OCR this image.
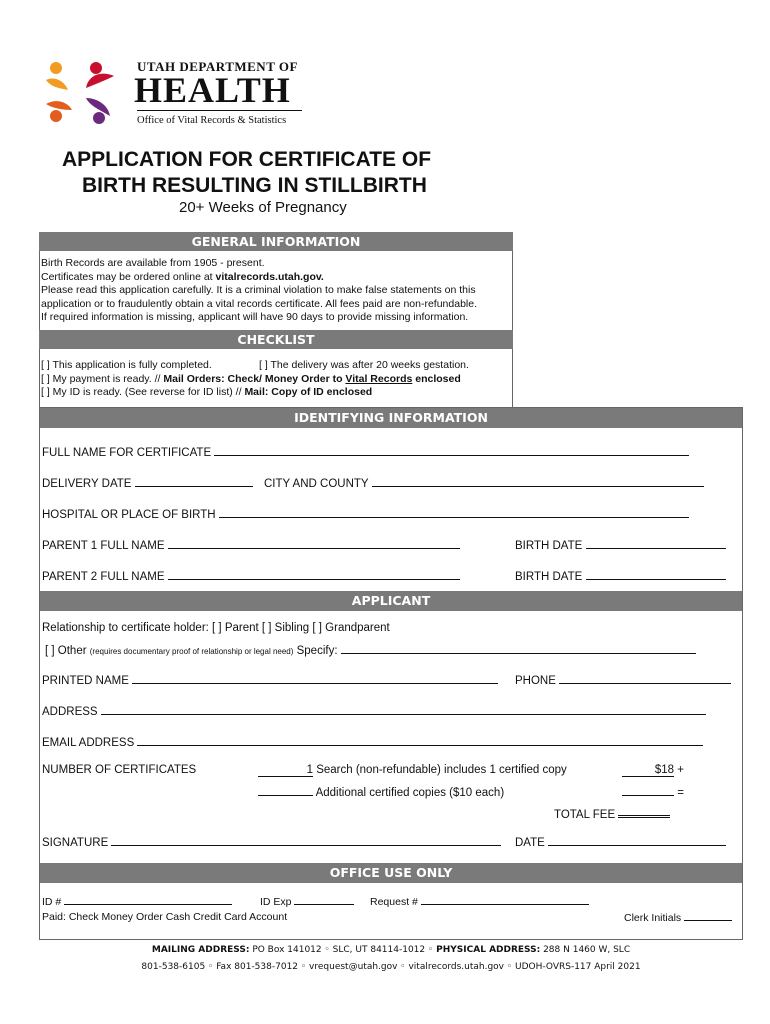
UTAH DEPARTMENT OF
HEALTH
Office of Vital Records & Statistics
APPLICATION FOR CERTIFICATE OF
BIRTH RESULTING IN STILLBIRTH
20+ Weeks of Pregnancy
GENERAL INFORMATION
Birth Records are available from 1905 - present.
Certificates may be ordered online at vitalrecords.utah.gov.
Please read this application carefully. It is a criminal violation to make false statements on this
application or to fraudulently obtain a vital records certificate. All fees paid are non-refundable.
If required information is missing, applicant will have 90 days to provide missing information.
CHECKLIST
[ ] This application is fully completed.	[ ] The delivery was after 20 weeks gestation.
[ ] My payment is ready. // Mail Orders: Check/ Money Order to Vital Records enclosed
[ ] My ID is ready. (See reverse for ID list) // Mail: Copy of ID enclosed
IDENTIFYING INFORMATION
FULL NAME FOR CERTIFICATE
DELIVERY DATE	CITY AND COUNTY
HOSPITAL OR PLACE OF BIRTH
PARENT 1 FULL NAME	BIRTH DATE
PARENT 2 FULL NAME	BIRTH DATE
APPLICANT
Relationship to certificate holder: [ ] Parent [ ] Sibling [ ] Grandparent
[ ] Other (requires documentary proof of relationship or legal need) Specify:
PRINTED NAME	PHONE
ADDRESS
EMAIL ADDRESS
NUMBER OF CERTIFICATES	1 Search (non-refundable) includes 1 certified copy	$18 +
Additional certified copies ($10 each)	=
TOTAL FEE
SIGNATURE	DATE
OFFICE USE ONLY
ID #	ID Exp	Request #
Paid: Check Money Order Cash Credit Card Account	Clerk Initials
MAILING ADDRESS: PO Box 141012 ◦ SLC, UT 84114-1012 ◦ PHYSICAL ADDRESS: 288 N 1460 W, SLC
801-538-6105 ◦ Fax 801-538-7012 ◦ vrequest@utah.gov ◦ vitalrecords.utah.gov ◦ UDOH-OVRS-117 April 2021
